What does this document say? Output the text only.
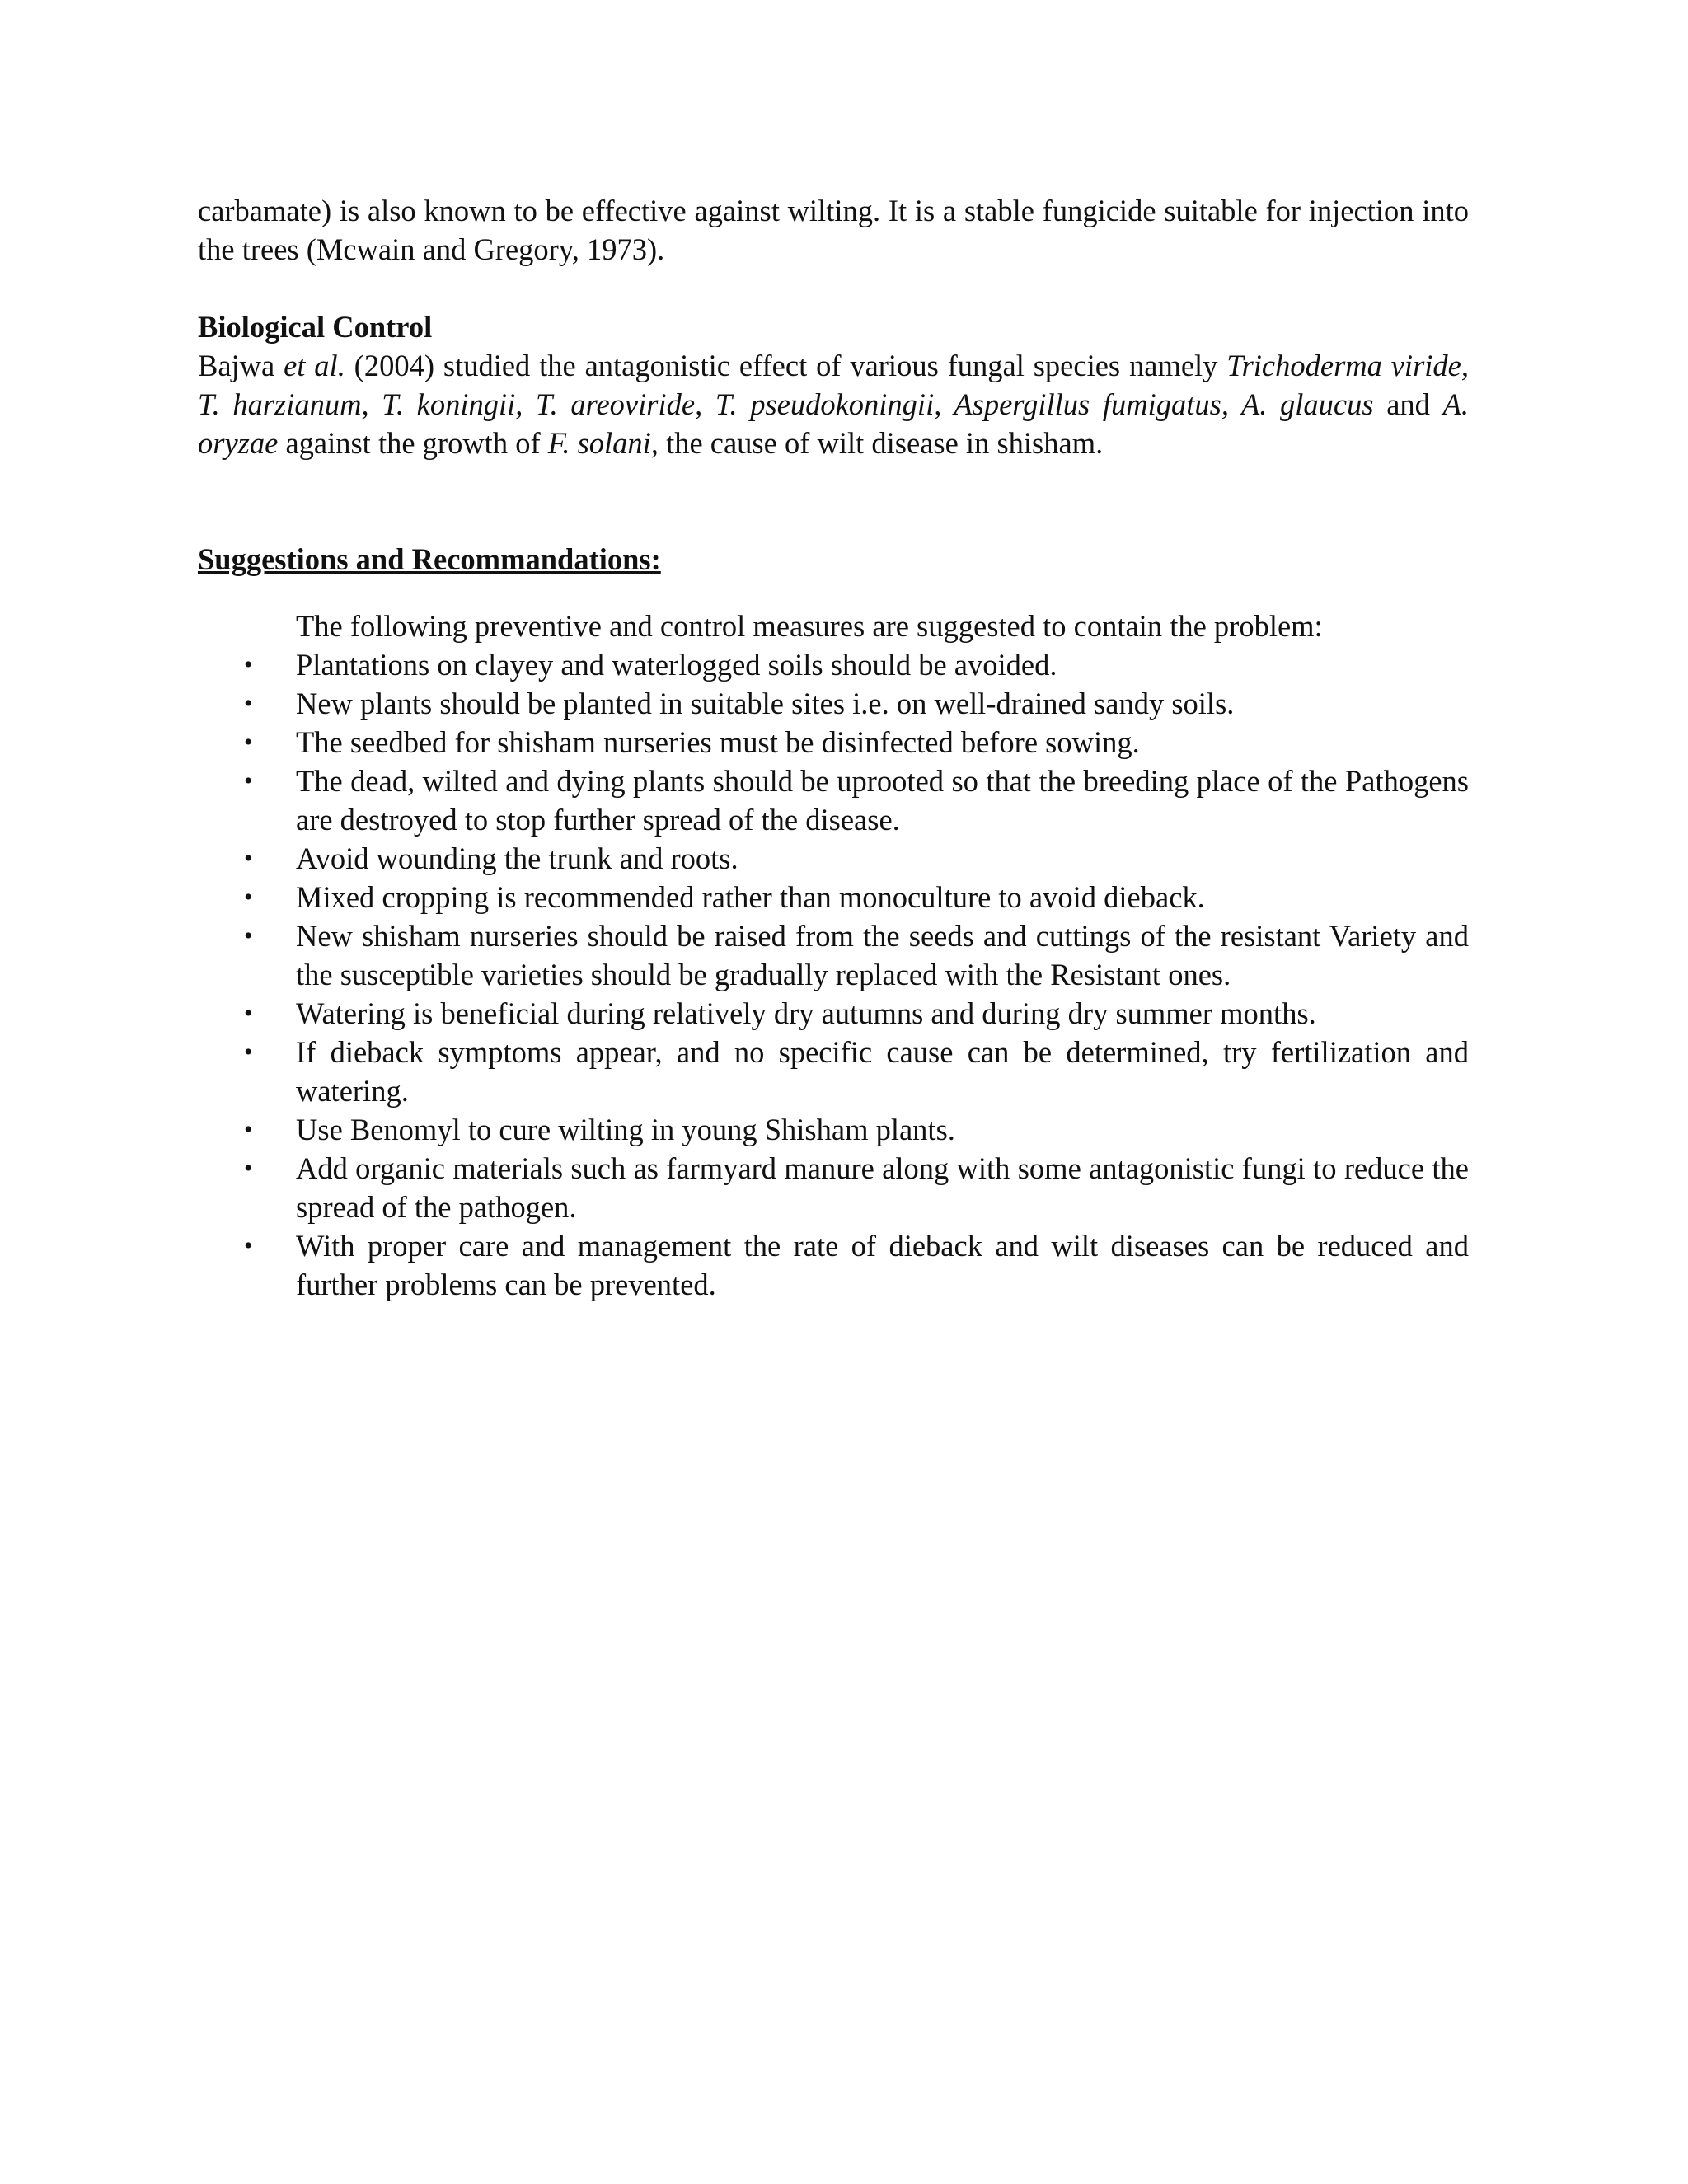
carbamate) is also known to be effective against wilting. It is a stable fungicide suitable for injection into the trees (Mcwain and Gregory, 1973).

Biological Control

Bajwa et al. (2004) studied the antagonistic effect of various fungal species namely Trichoderma viride, T. harzianum, T. koningii, T. areoviride, T. pseudokoningii, Aspergillus fumigatus, A. glaucus and A. oryzae against the growth of F. solani, the cause of wilt disease in shisham.

Suggestions and Recommandations:

The following preventive and control measures are suggested to contain the problem:

• Plantations on clayey and waterlogged soils should be avoided.
• New plants should be planted in suitable sites i.e. on well-drained sandy soils.
• The seedbed for shisham nurseries must be disinfected before sowing.
• The dead, wilted and dying plants should be uprooted so that the breeding place of the Pathogens are destroyed to stop further spread of the disease.
• Avoid wounding the trunk and roots.
• Mixed cropping is recommended rather than monoculture to avoid dieback.
• New shisham nurseries should be raised from the seeds and cuttings of the resistant Variety and the susceptible varieties should be gradually replaced with the Resistant ones.
• Watering is beneficial during relatively dry autumns and during dry summer months.
• If dieback symptoms appear, and no specific cause can be determined, try fertilization and watering.
• Use Benomyl to cure wilting in young Shisham plants.
• Add organic materials such as farmyard manure along with some antagonistic fungi to reduce the spread of the pathogen.
• With proper care and management the rate of dieback and wilt diseases can be reduced and further problems can be prevented.
